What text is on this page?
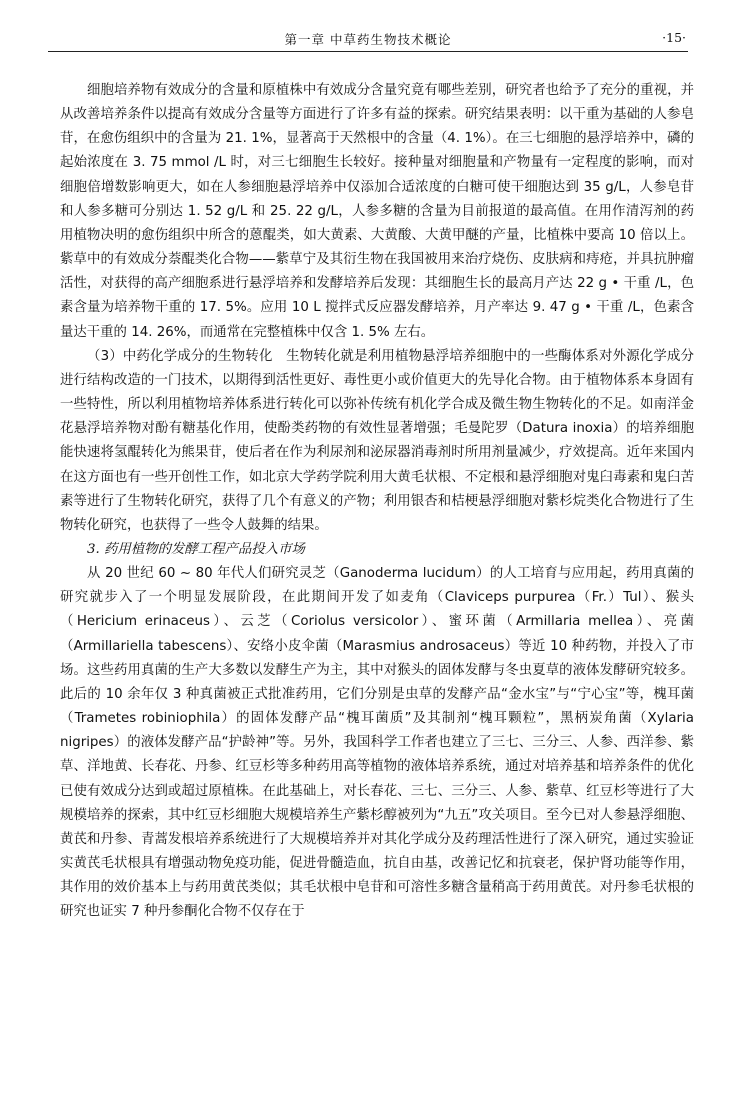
第一章 中草药生物技术概论	·15·

细胞培养物有效成分的含量和原植株中有效成分含量究竟有哪些差别，研究者也给予了充分的重视，并从改善培养条件以提高有效成分含量等方面进行了许多有益的探索。研究结果表明：以干重为基础的人参皂苷，在愈伤组织中的含量为 21. 1%，显著高于天然根中的含量（4. 1%）。在三七细胞的悬浮培养中，磷的起始浓度在 3. 75 mmol /L 时，对三七细胞生长较好。接种量对细胞量和产物量有一定程度的影响，而对细胞倍增数影响更大，如在人参细胞悬浮培养中仅添加合适浓度的白糖可使干细胞达到 35 g/L，人参皂苷和人参多糖可分别达 1. 52 g/L 和 25. 22 g/L，人参多糖的含量为目前报道的最高值。在用作清泻剂的药用植物决明的愈伤组织中所含的蒽醌类，如大黄素、大黄酸、大黄甲醚的产量，比植株中要高 10 倍以上。紫草中的有效成分萘醌类化合物——紫草宁及其衍生物在我国被用来治疗烧伤、皮肤病和痔疮，并具抗肿瘤活性，对获得的高产细胞系进行悬浮培养和发酵培养后发现：其细胞生长的最高月产达 22 g • 干重 /L，色素含量为培养物干重的 17. 5%。应用 10 L 搅拌式反应器发酵培养，月产率达 9. 47 g • 干重 /L，色素含量达干重的 14. 26%，而通常在完整植株中仅含 1. 5% 左右。

（3）中药化学成分的生物转化　生物转化就是利用植物悬浮培养细胞中的一些酶体系对外源化学成分进行结构改造的一门技术，以期得到活性更好、毒性更小或价值更大的先导化合物。由于植物体系本身固有一些特性，所以利用植物培养体系进行转化可以弥补传统有机化学合成及微生物生物转化的不足。如南洋金花悬浮培养物对酚有糖基化作用，使酚类药物的有效性显著增强；毛曼陀罗（Datura inoxia）的培养细胞能快速将氢醌转化为熊果苷，使后者在作为利尿剂和泌尿器消毒剂时所用剂量减少，疗效提高。近年来国内在这方面也有一些开创性工作，如北京大学药学院利用大黄毛状根、不定根和悬浮细胞对鬼臼毒素和鬼臼苦素等进行了生物转化研究，获得了几个有意义的产物；利用银杏和桔梗悬浮细胞对紫杉烷类化合物进行了生物转化研究，也获得了一些令人鼓舞的结果。

3. 药用植物的发酵工程产品投入市场

从 20 世纪 60 ~ 80 年代人们研究灵芝（Ganoderma lucidum）的人工培育与应用起，药用真菌的研究就步入了一个明显发展阶段，在此期间开发了如麦角（Claviceps purpurea（Fr.）Tul）、猴头（Hericium erinaceus）、云芝（Coriolus versicolor）、蜜环菌（Armillaria mellea）、亮菌（Armillariella tabescens）、安络小皮伞菌（Marasmius androsaceus）等近 10 种药物，并投入了市场。这些药用真菌的生产大多数以发酵生产为主，其中对猴头的固体发酵与冬虫夏草的液体发酵研究较多。此后的 10 余年仅 3 种真菌被正式批准药用，它们分别是虫草的发酵产品“金水宝”与“宁心宝”等，槐耳菌（Trametes robiniophila）的固体发酵产品“槐耳菌质”及其制剂“槐耳颗粒”，黑柄炭角菌（Xylaria nigripes）的液体发酵产品“护龄神”等。另外，我国科学工作者也建立了三七、三分三、人参、西洋参、紫草、洋地黄、长春花、丹参、红豆杉等多种药用高等植物的液体培养系统，通过对培养基和培养条件的优化已使有效成分达到或超过原植株。在此基础上，对长春花、三七、三分三、人参、紫草、红豆杉等进行了大规模培养的探索，其中红豆杉细胞大规模培养生产紫杉醇被列为“九五”攻关项目。至今已对人参悬浮细胞、黄芪和丹参、青蒿发根培养系统进行了大规模培养并对其化学成分及药理活性进行了深入研究，通过实验证实黄芪毛状根具有增强动物免疫功能，促进骨髓造血，抗自由基，改善记忆和抗衰老，保护肾功能等作用，其作用的效价基本上与药用黄芪类似；其毛状根中皂苷和可溶性多糖含量稍高于药用黄芪。对丹参毛状根的研究也证实 7 种丹参酮化合物不仅存在于
